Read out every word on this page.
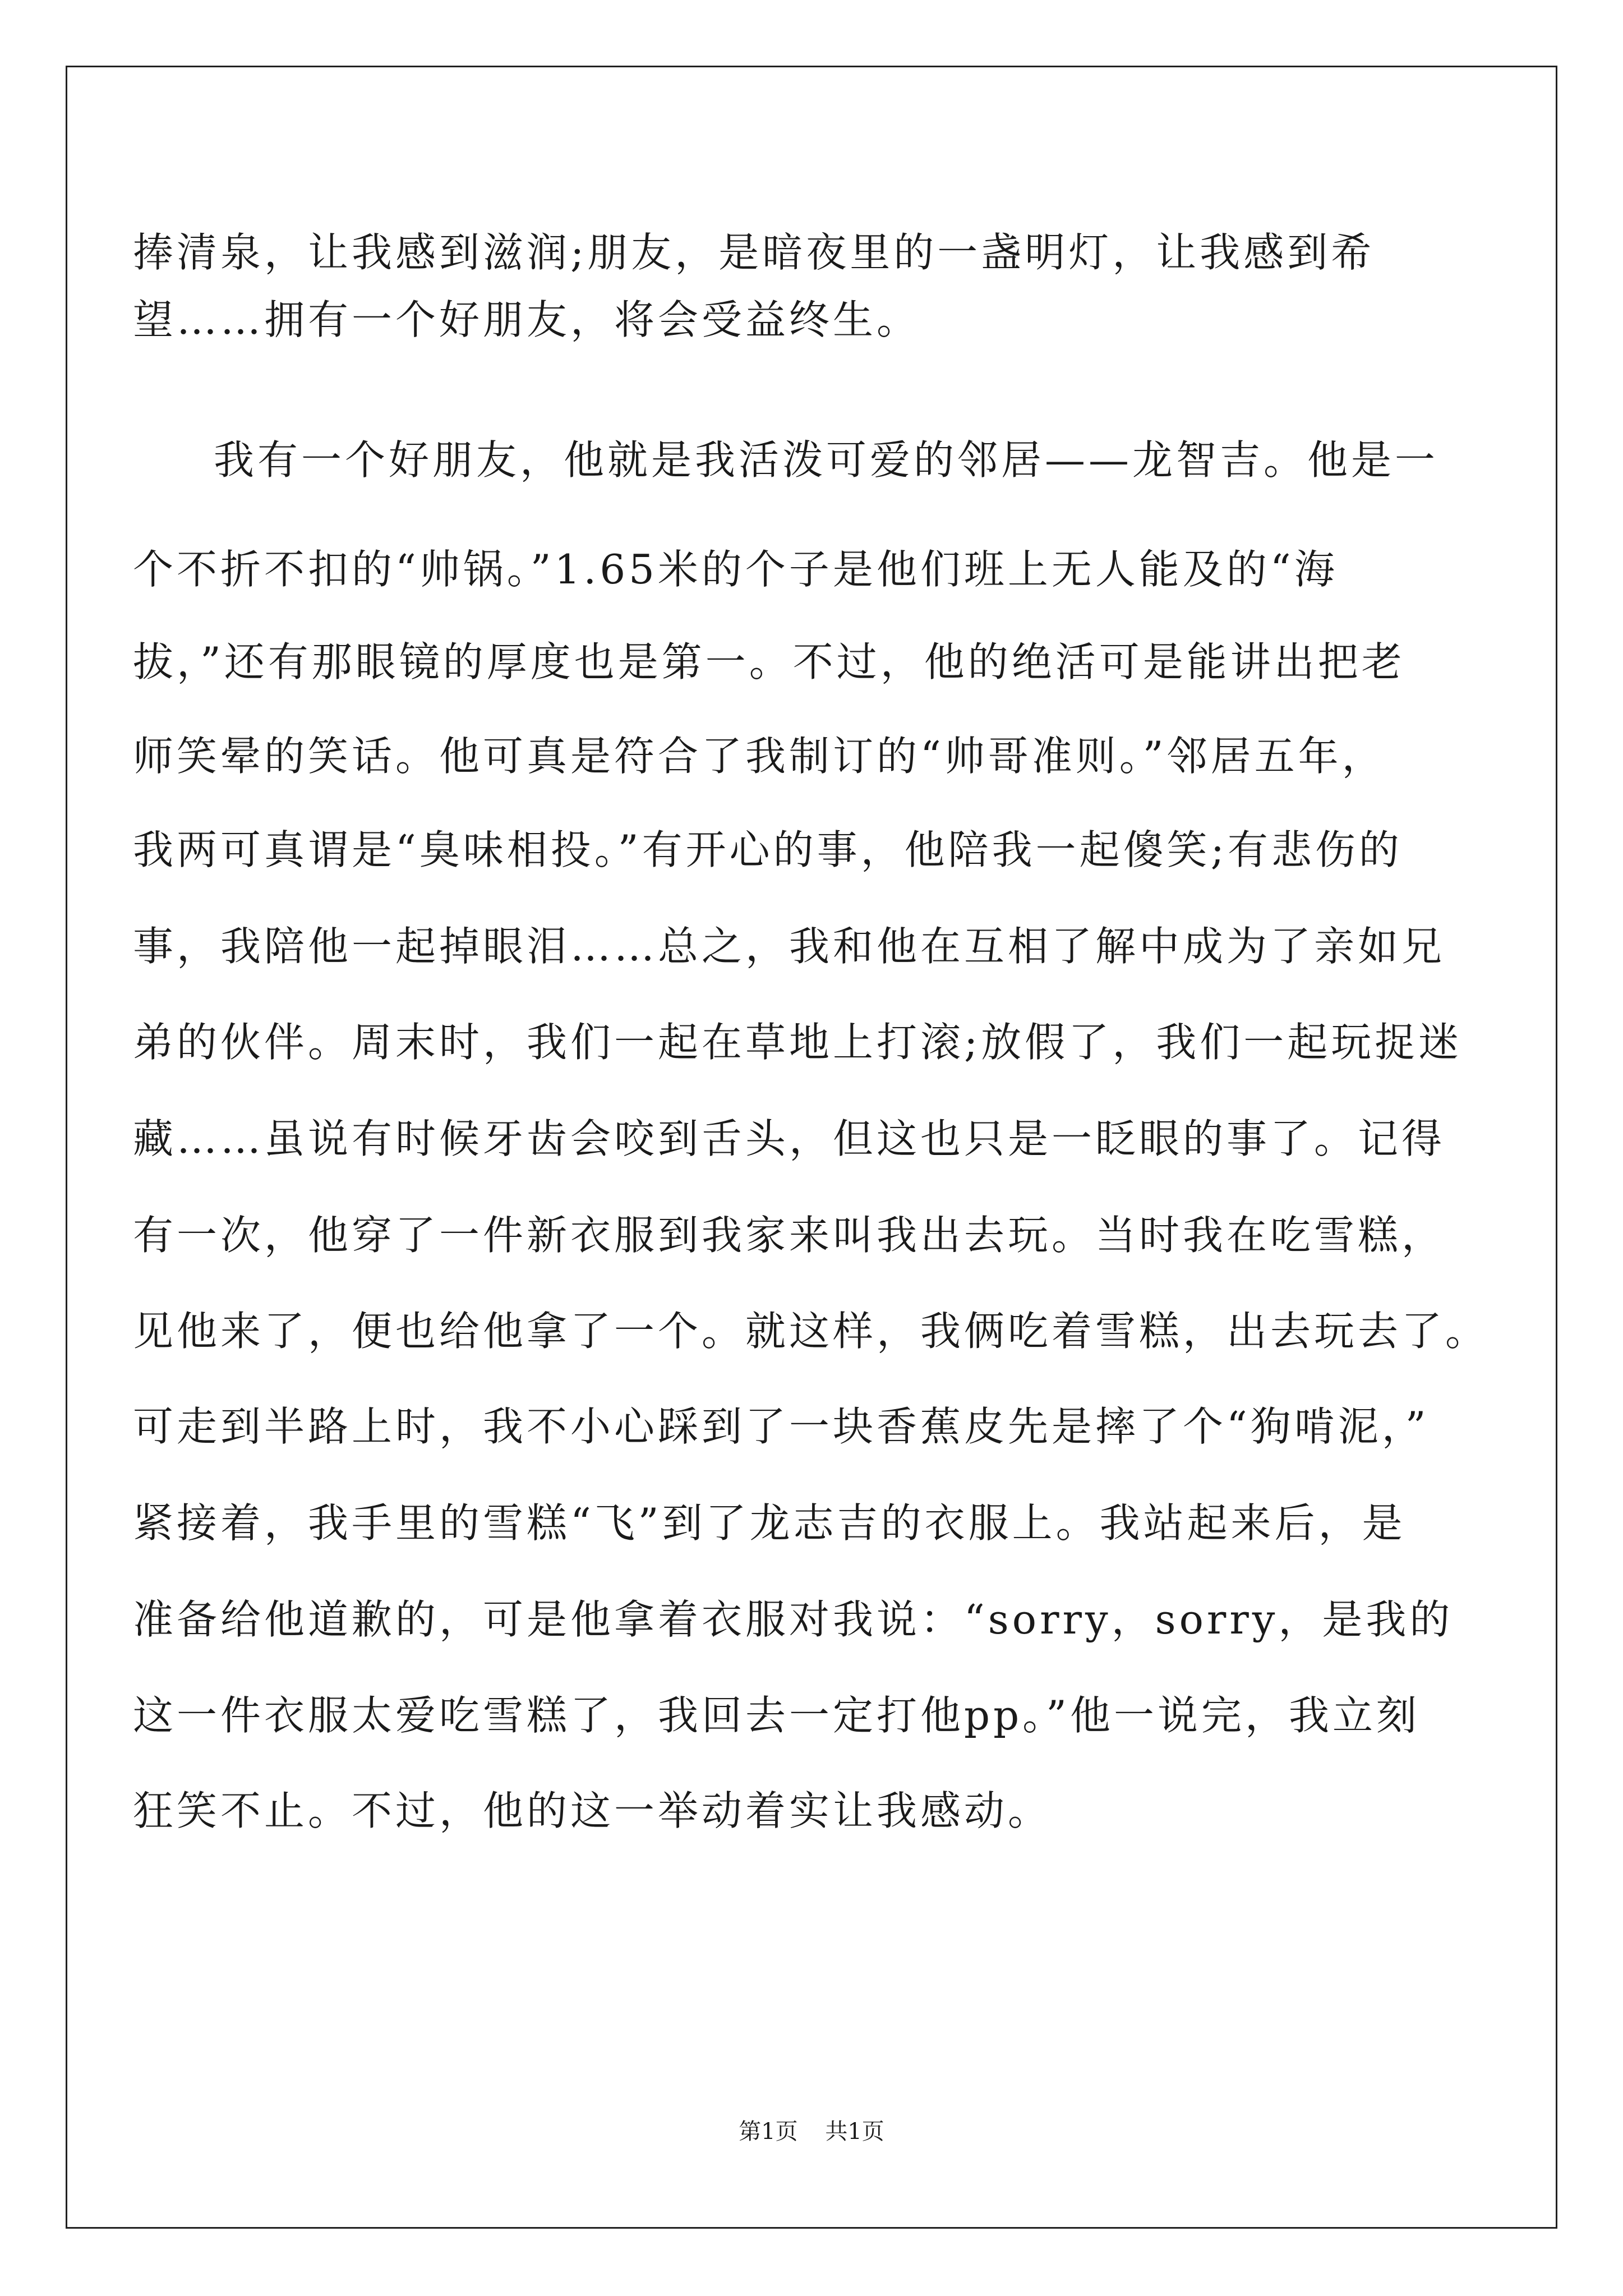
捧清泉，让我感到滋润;朋友，是暗夜里的一盏明灯，让我感到希
望……拥有一个好朋友，将会受益终生。
我有一个好朋友，他就是我活泼可爱的邻居——龙智吉。他是一
个不折不扣的“帅锅。”1.65米的个子是他们班上无人能及的“海
拔，”还有那眼镜的厚度也是第一。不过，他的绝活可是能讲出把老
师笑晕的笑话。他可真是符合了我制订的“帅哥准则。”邻居五年，
我两可真谓是“臭味相投。”有开心的事，他陪我一起傻笑;有悲伤的
事，我陪他一起掉眼泪……总之，我和他在互相了解中成为了亲如兄
弟的伙伴。周末时，我们一起在草地上打滚;放假了，我们一起玩捉迷
藏……虽说有时候牙齿会咬到舌头，但这也只是一眨眼的事了。记得
有一次，他穿了一件新衣服到我家来叫我出去玩。当时我在吃雪糕，
见他来了，便也给他拿了一个。就这样，我俩吃着雪糕，出去玩去了。
可走到半路上时，我不小心踩到了一块香蕉皮先是摔了个“狗啃泥，”
紧接着，我手里的雪糕“飞”到了龙志吉的衣服上。我站起来后，是
准备给他道歉的，可是他拿着衣服对我说：“sorry，sorry，是我的
这一件衣服太爱吃雪糕了，我回去一定打他pp。”他一说完，我立刻
狂笑不止。不过，他的这一举动着实让我感动。
第1页 共1页
